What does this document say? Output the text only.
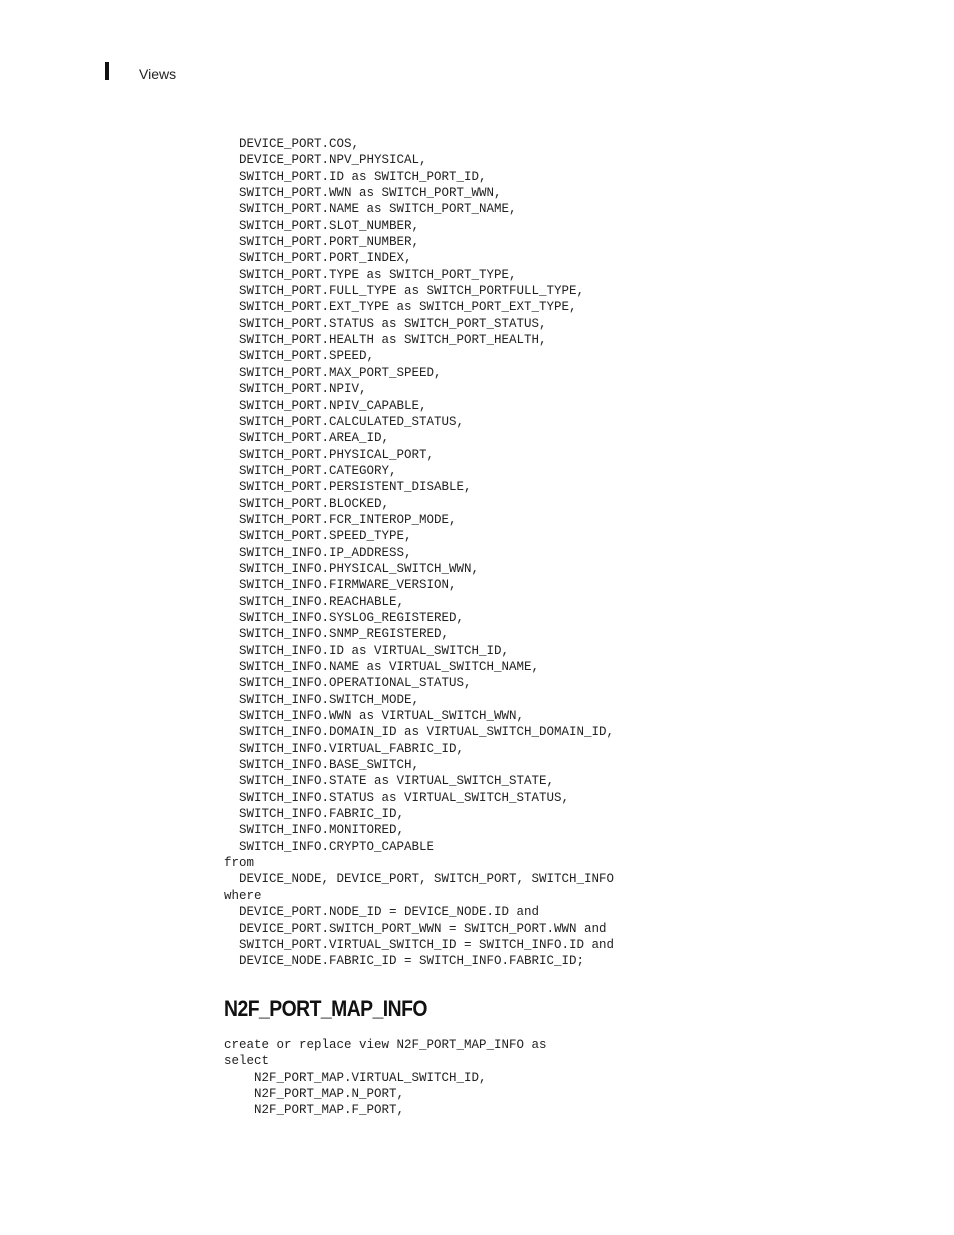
Views
DEVICE_PORT.COS,
DEVICE_PORT.NPV_PHYSICAL,
SWITCH_PORT.ID as SWITCH_PORT_ID,
SWITCH_PORT.WWN as SWITCH_PORT_WWN,
SWITCH_PORT.NAME as SWITCH_PORT_NAME,
SWITCH_PORT.SLOT_NUMBER,
SWITCH_PORT.PORT_NUMBER,
SWITCH_PORT.PORT_INDEX,
SWITCH_PORT.TYPE as SWITCH_PORT_TYPE,
SWITCH_PORT.FULL_TYPE as SWITCH_PORTFULL_TYPE,
SWITCH_PORT.EXT_TYPE as SWITCH_PORT_EXT_TYPE,
SWITCH_PORT.STATUS as SWITCH_PORT_STATUS,
SWITCH_PORT.HEALTH as SWITCH_PORT_HEALTH,
SWITCH_PORT.SPEED,
SWITCH_PORT.MAX_PORT_SPEED,
SWITCH_PORT.NPIV,
SWITCH_PORT.NPIV_CAPABLE,
SWITCH_PORT.CALCULATED_STATUS,
SWITCH_PORT.AREA_ID,
SWITCH_PORT.PHYSICAL_PORT,
SWITCH_PORT.CATEGORY,
SWITCH_PORT.PERSISTENT_DISABLE,
SWITCH_PORT.BLOCKED,
SWITCH_PORT.FCR_INTEROP_MODE,
SWITCH_PORT.SPEED_TYPE,
SWITCH_INFO.IP_ADDRESS,
SWITCH_INFO.PHYSICAL_SWITCH_WWN,
SWITCH_INFO.FIRMWARE_VERSION,
SWITCH_INFO.REACHABLE,
SWITCH_INFO.SYSLOG_REGISTERED,
SWITCH_INFO.SNMP_REGISTERED,
SWITCH_INFO.ID as VIRTUAL_SWITCH_ID,
SWITCH_INFO.NAME as VIRTUAL_SWITCH_NAME,
SWITCH_INFO.OPERATIONAL_STATUS,
SWITCH_INFO.SWITCH_MODE,
SWITCH_INFO.WWN as VIRTUAL_SWITCH_WWN,
SWITCH_INFO.DOMAIN_ID as VIRTUAL_SWITCH_DOMAIN_ID,
SWITCH_INFO.VIRTUAL_FABRIC_ID,
SWITCH_INFO.BASE_SWITCH,
SWITCH_INFO.STATE as VIRTUAL_SWITCH_STATE,
SWITCH_INFO.STATUS as VIRTUAL_SWITCH_STATUS,
SWITCH_INFO.FABRIC_ID,
SWITCH_INFO.MONITORED,
SWITCH_INFO.CRYPTO_CAPABLE
from
DEVICE_NODE, DEVICE_PORT, SWITCH_PORT, SWITCH_INFO
where
DEVICE_PORT.NODE_ID = DEVICE_NODE.ID and
DEVICE_PORT.SWITCH_PORT_WWN = SWITCH_PORT.WWN and
SWITCH_PORT.VIRTUAL_SWITCH_ID = SWITCH_INFO.ID and
DEVICE_NODE.FABRIC_ID = SWITCH_INFO.FABRIC_ID;
N2F_PORT_MAP_INFO
create or replace view N2F_PORT_MAP_INFO as
select
N2F_PORT_MAP.VIRTUAL_SWITCH_ID,
N2F_PORT_MAP.N_PORT,
N2F_PORT_MAP.F_PORT,
